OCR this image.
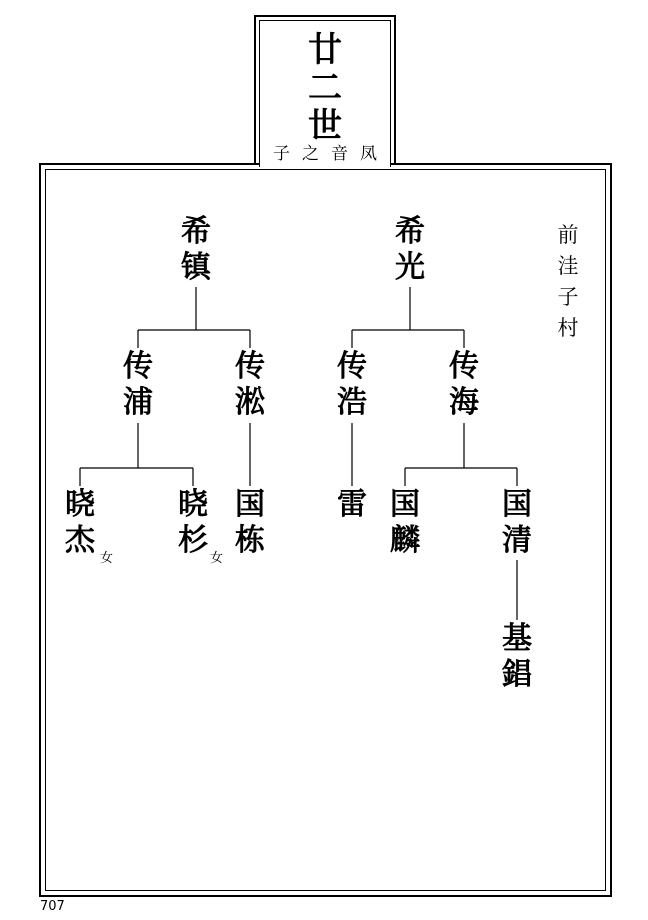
廿
二
世
子之音凤
希
镇
希
光
传
浦
传
淞
传
浩
传
海
晓
杰
女
晓
杉
女
国
栋
雷 国
麟
国
清
基
錩
前
洼
子
村
707
